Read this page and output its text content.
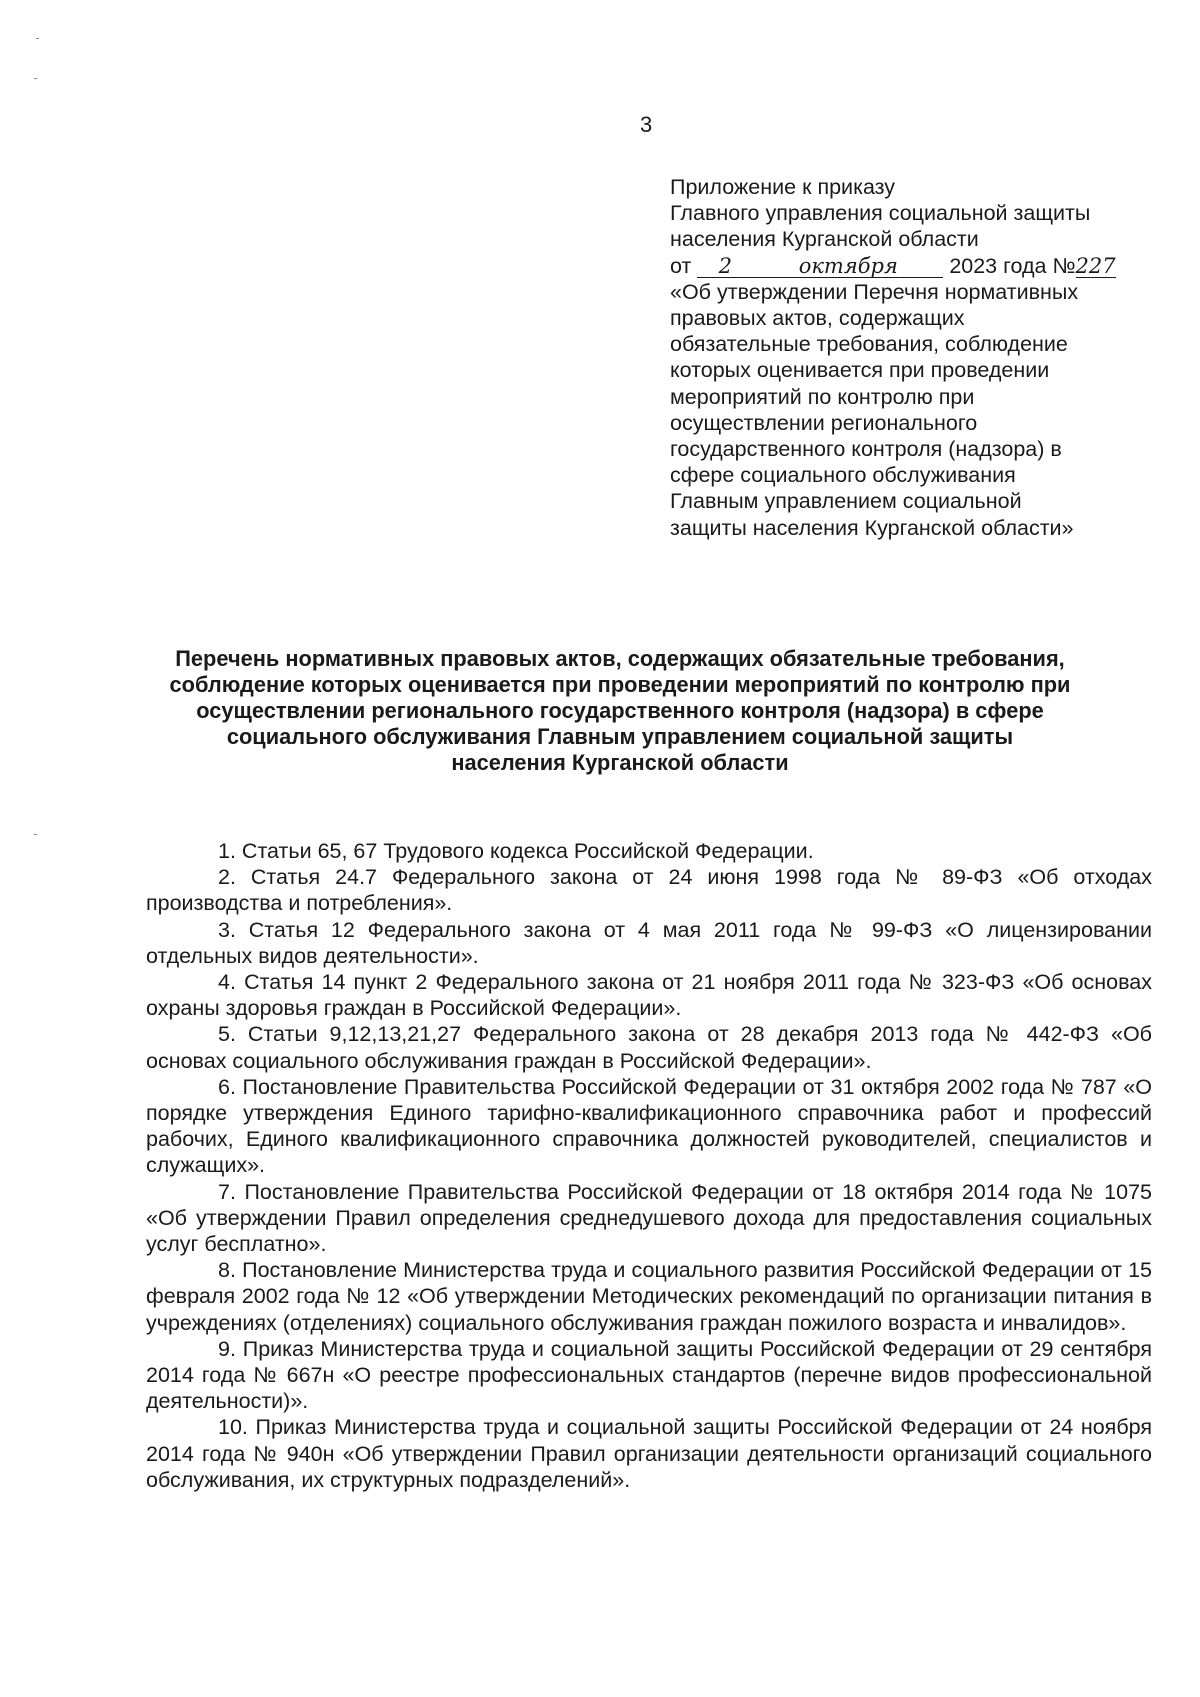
3
Приложение к приказу
Главного управления социальной защиты
населения Курганской области
от 2	октября 2023 года №227
«Об утверждении Перечня нормативных
правовых актов, содержащих
обязательные требования, соблюдение
которых оценивается при проведении
мероприятий по контролю при
осуществлении регионального
государственного контроля (надзора) в
сфере социального обслуживания
Главным управлением социальной
защиты населения Курганской области»
Перечень нормативных правовых актов, содержащих обязательные требования,
соблюдение которых оценивается при проведении мероприятий по контролю при
осуществлении регионального государственного контроля (надзора) в сфере
социального обслуживания Главным управлением социальной защиты
населения Курганской области

1. Статьи 65, 67 Трудового кодекса Российской Федерации.

2. Статья 24.7 Федерального закона от 24 июня 1998 года № 89-ФЗ «Об отходах производства и потребления».

3. Статья 12 Федерального закона от 4 мая 2011 года № 99-ФЗ «О лицензировании отдельных видов деятельности».

4. Статья 14 пункт 2 Федерального закона от 21 ноября 2011 года № 323-ФЗ «Об основах охраны здоровья граждан в Российской Федерации».

5. Статьи 9,12,13,21,27 Федерального закона от 28 декабря 2013 года № 442-ФЗ «Об основах социального обслуживания граждан в Российской Федерации».

6. Постановление Правительства Российской Федерации от 31 октября 2002 года № 787 «О порядке утверждения Единого тарифно-квалификационного справочника работ и профессий рабочих, Единого квалификационного справочника должностей руководителей, специалистов и служащих».

7. Постановление Правительства Российской Федерации от 18 октября 2014 года № 1075 «Об утверждении Правил определения среднедушевого дохода для предоставления социальных услуг бесплатно».

8. Постановление Министерства труда и социального развития Российской Федерации от 15 февраля 2002 года № 12 «Об утверждении Методических рекомендаций по организации питания в учреждениях (отделениях) социального обслуживания граждан пожилого возраста и инвалидов».

9. Приказ Министерства труда и социальной защиты Российской Федерации от 29 сентября 2014 года № 667н «О реестре профессиональных стандартов (перечне видов профессиональной деятельности)».

10. Приказ Министерства труда и социальной защиты Российской Федерации от 24 ноября 2014 года № 940н «Об утверждении Правил организации деятельности организаций социального обслуживания, их структурных подразделений».
